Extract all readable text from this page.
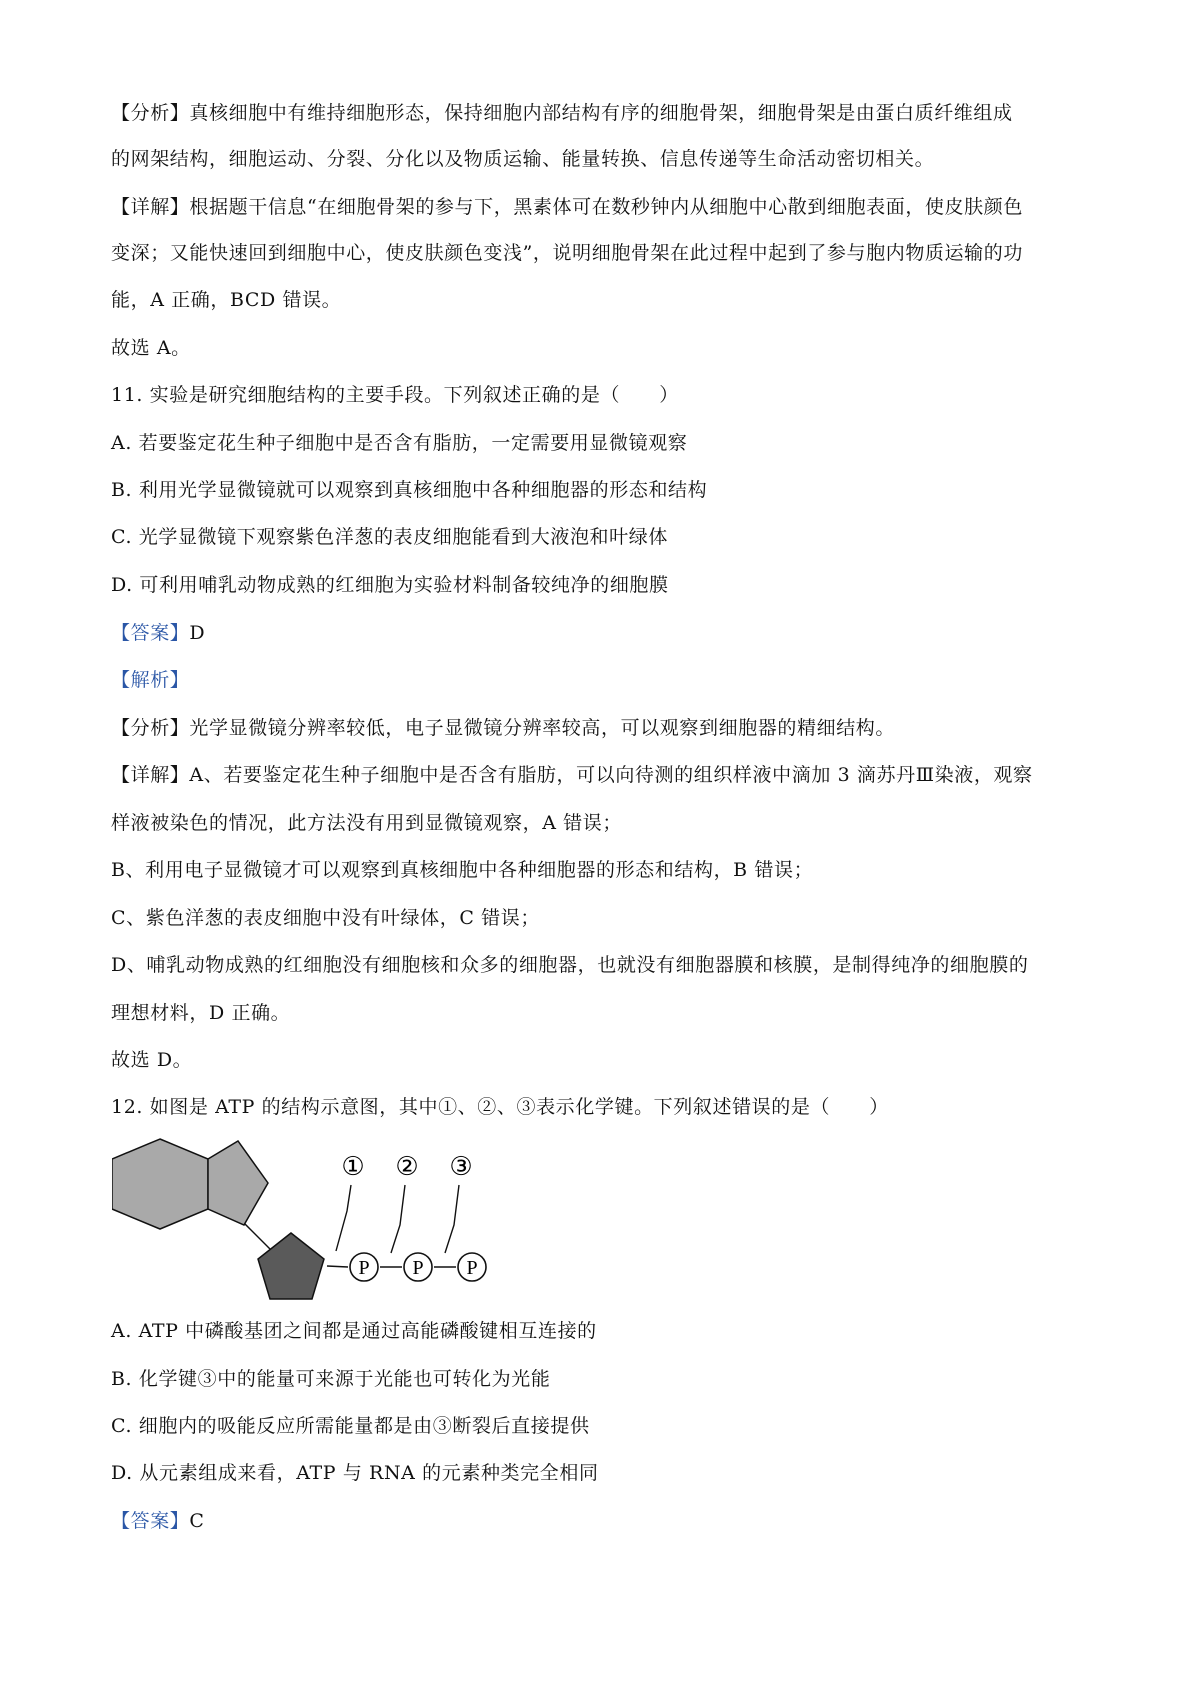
【分析】真核细胞中有维持细胞形态，保持细胞内部结构有序的细胞骨架，细胞骨架是由蛋白质纤维组成
的网架结构，细胞运动、分裂、分化以及物质运输、能量转换、信息传递等生命活动密切相关。
【详解】根据题干信息“在细胞骨架的参与下，黑素体可在数秒钟内从细胞中心散到细胞表面，使皮肤颜色
变深；又能快速回到细胞中心，使皮肤颜色变浅”，说明细胞骨架在此过程中起到了参与胞内物质运输的功
能，A 正确，BCD 错误。
故选 A。
11. 实验是研究细胞结构的主要手段。下列叙述正确的是（　　）
A. 若要鉴定花生种子细胞中是否含有脂肪，一定需要用显微镜观察
B. 利用光学显微镜就可以观察到真核细胞中各种细胞器的形态和结构
C. 光学显微镜下观察紫色洋葱的表皮细胞能看到大液泡和叶绿体
D. 可利用哺乳动物成熟的红细胞为实验材料制备较纯净的细胞膜
【答案】D
【解析】
【分析】光学显微镜分辨率较低，电子显微镜分辨率较高，可以观察到细胞器的精细结构。
【详解】A、若要鉴定花生种子细胞中是否含有脂肪，可以向待测的组织样液中滴加 3 滴苏丹Ⅲ染液，观察
样液被染色的情况，此方法没有用到显微镜观察，A 错误；
B、利用电子显微镜才可以观察到真核细胞中各种细胞器的形态和结构，B 错误；
C、紫色洋葱的表皮细胞中没有叶绿体，C 错误；
D、哺乳动物成熟的红细胞没有细胞核和众多的细胞器，也就没有细胞器膜和核膜，是制得纯净的细胞膜的
理想材料，D 正确。
故选 D。
12. 如图是 ATP 的结构示意图，其中①、②、③表示化学键。下列叙述错误的是（　　）
P P P
① ② ③
A. ATP 中磷酸基团之间都是通过高能磷酸键相互连接的
B. 化学键③中的能量可来源于光能也可转化为光能
C. 细胞内的吸能反应所需能量都是由③断裂后直接提供
D. 从元素组成来看，ATP 与 RNA 的元素种类完全相同
【答案】C
